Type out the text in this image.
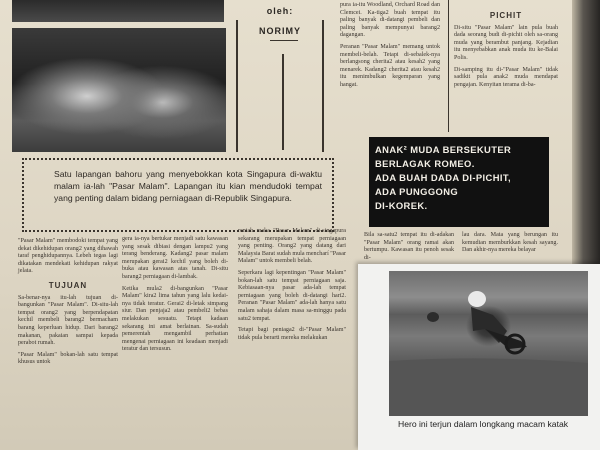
oleh:
NORIMY
Satu lapangan bahoru yang menyebokkan kota Singapura di-waktu malam ia-lah "Pasar Malam". Lapangan itu kian mendudoki tempat yang penting dalam bidang perniagaan di-Republik Singapura.

"Pasar Malam" membodoki tempat yang dekat dikehidupan orang2 yang dihawah taraf penghidupannya. Lebeh tegas lagi dikatakan mendekati kehidupan rakyat jelata.

TUJUAN

Sa-benar-nya itu-lah tujuan di-bangunkan "Pasar Malam". Di-situ-lah tempat orang2 yang berpendapatan kechil membeli barang2 bermacham barang keperluan hidup. Dari barang2 makanan, pakaian sampai kepada perabot rumah.

"Pasar Malam" bokan-lah satu tempat khusus untok

gera ia-nya bertukar menjadi satu kawasan yang sesak dibiasi dengan lampu2 yang terang benderang. Kadang2 pasar malam merupakan gerai2 kechil yang boleh di-buka atau kawasan atas tanah. Di-situ barang2 perniagaan di-lambak.

Ketika mula2 di-bangunkan "Pasar Malam" kira2 lima tahun yang lalu kedai-nya tidak teratur. Gerai2 di-letak simpang siur. Dan penjaja2 atau pembeli2 bebas melakukan sesuatu. Tetapi kadaan sekarang ini amat berlainan. Sa-sudah pemerentah mengambil perhatian mengenai perniagaan ini keadaan menjadi teratur dan tersusun.

rentah maka "Pasar Malam" di-singapura sekarang merupakan tempat perniagaan yang penting. Orang2 yang datang dari Malaysia Barat sudah mula mencharí "Pasar Malam" untok membeli belah.

Seperkara lagi kepentingan "Pasar Malam" bokan-lah satu tempat perniagaan saja. Kebiasaan-nya pasar ada-lah tempat perniagaan yang boleh di-datangi hari2. Peranan "Pasar Malam" ada-lah hanya satu malam sahaja dalam masa sa-minggu pada satu2 tempat.

Tetapi bagi peniaga2 di-"Pasar Malam" tidak pula berarti mereka melakukan

pura ia-itu Woodland, Orchard Road dan Clemcei. Ka-tiga2 buah tempat itu paling banyak di-datangi pembeli dan paling banyak mempunyai barang2 dagangan.

Peranan "Pasar Malam" memang untok membeli-belah. Tetapi di-sebalek-nya berlangsong cherita2 atau kesah2 yang menarek. Kadang2 cherita2 atau kesah2 itu menimbulkan kegemparan yang hangat.

PICHIT

Di-situ "Pasar Malam" lain pula buah dada seorang budi di-pichit oleh sa-orang muda yang berambut panjang. Kejadian itu menyebabkan anak muda itu ke-Balai Polis.

Di-samping itu di-"Pasar Malam" tidak sadikit pula anak2 muda mendapat pengajan. Kenyitan terama di-ba-

ANAK² MUDA BERSEKUTER
BERLAGAK ROMEO.
ADA BUAH DADA DI-PICHIT,
ADA PUNGGONG
DI-KOREK.

Bila sa-satu2 tempat itu di-adakan "Pasar Malam" orang ramai akan bertumpu. Kawasan itu penoh sesak di-

lau dara. Mata yang berungan itu kemudian memburkkan kesah sayang. Dan akhir-nya mereka belayar

Hero ini terjun dalam longkang macam katak
